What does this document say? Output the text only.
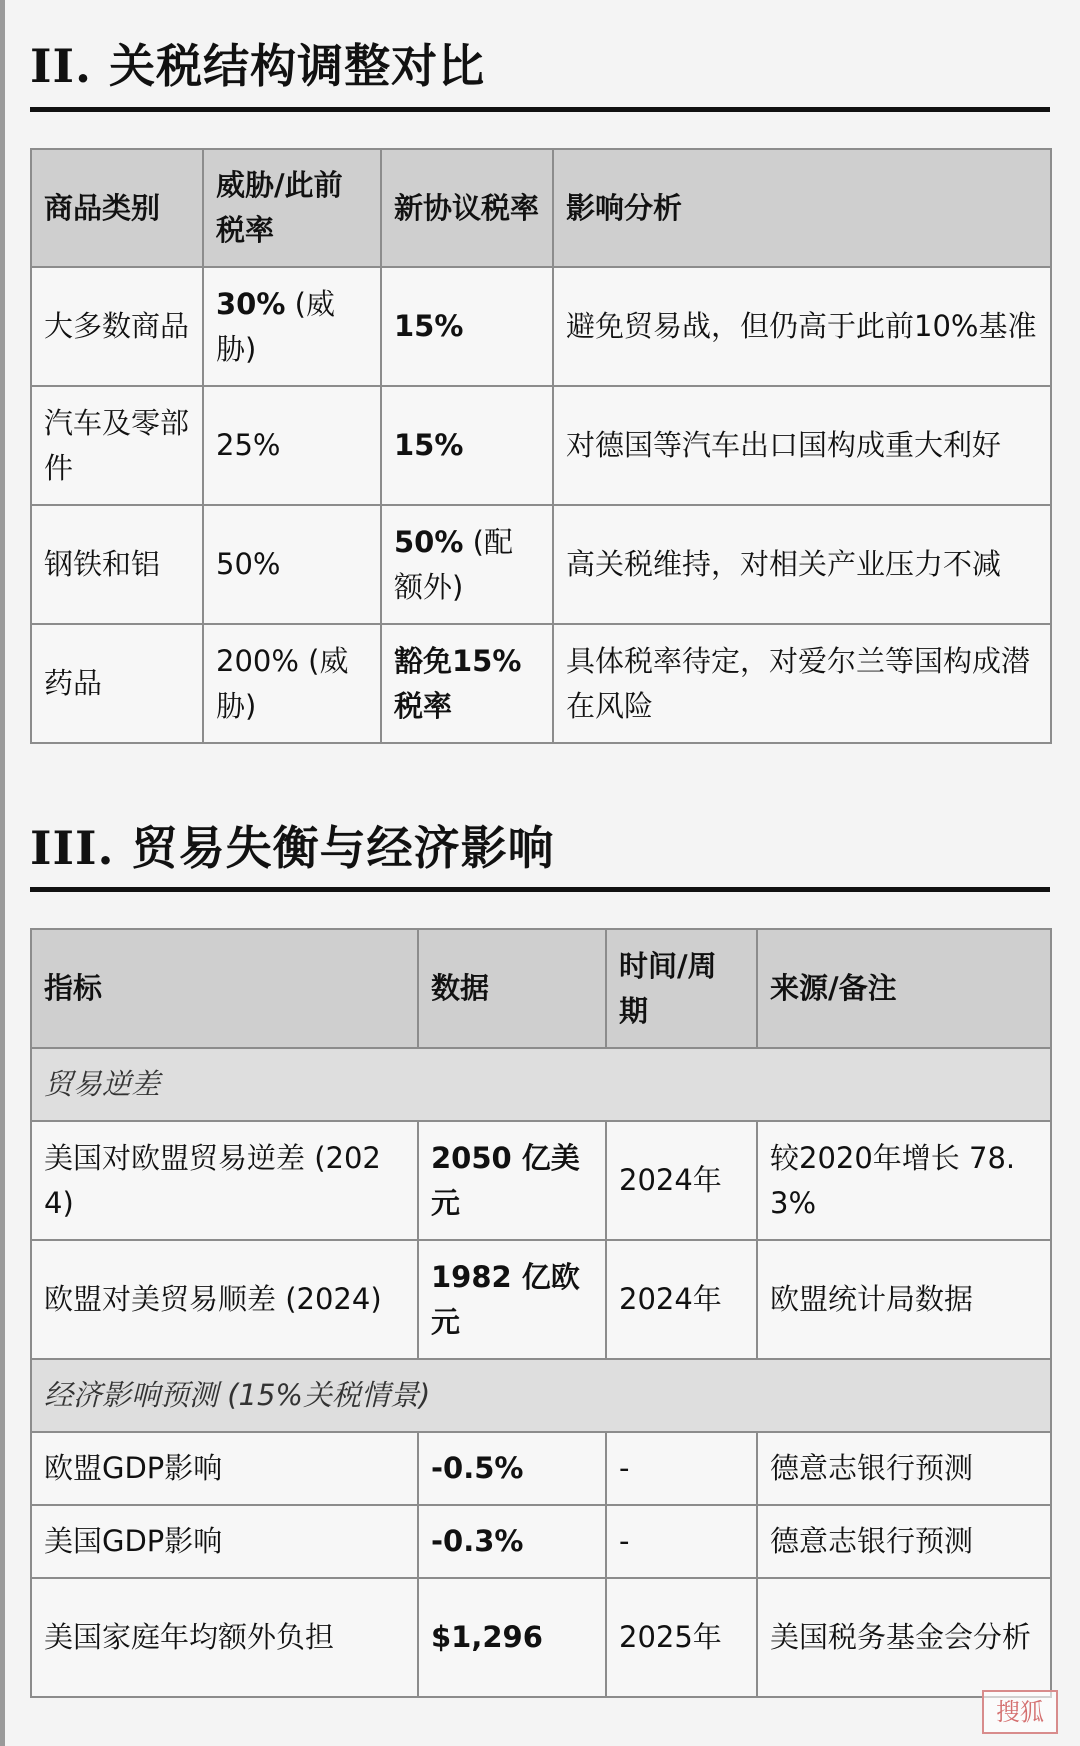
II. 关税结构调整对比
商品类别	威胁/此前税率	新协议税率	影响分析
大多数商品	30% (威胁)	15%	避免贸易战，但仍高于此前10%基准
汽车及零部件	25%	15%	对德国等汽车出口国构成重大利好
钢铁和铝	50%	50% (配额外)	高关税维持，对相关产业压力不减
药品	200% (威胁)	豁免15%税率	具体税率待定，对爱尔兰等国构成潜在风险
III. 贸易失衡与经济影响
指标	数据	时间/周期	来源/备注
贸易逆差			
美国对欧盟贸易逆差 (2024)	2050 亿美元	2024年	较2020年增长 78.3%
欧盟对美贸易顺差 (2024)	1982 亿欧元	2024年	欧盟统计局数据
经济影响预测 (15%关税情景)			
欧盟GDP影响	-0.5%	-	德意志银行预测
美国GDP影响	-0.3%	-	德意志银行预测
美国家庭年均额外负担	$1,296	2025年	美国税务基金会分析
搜狐
